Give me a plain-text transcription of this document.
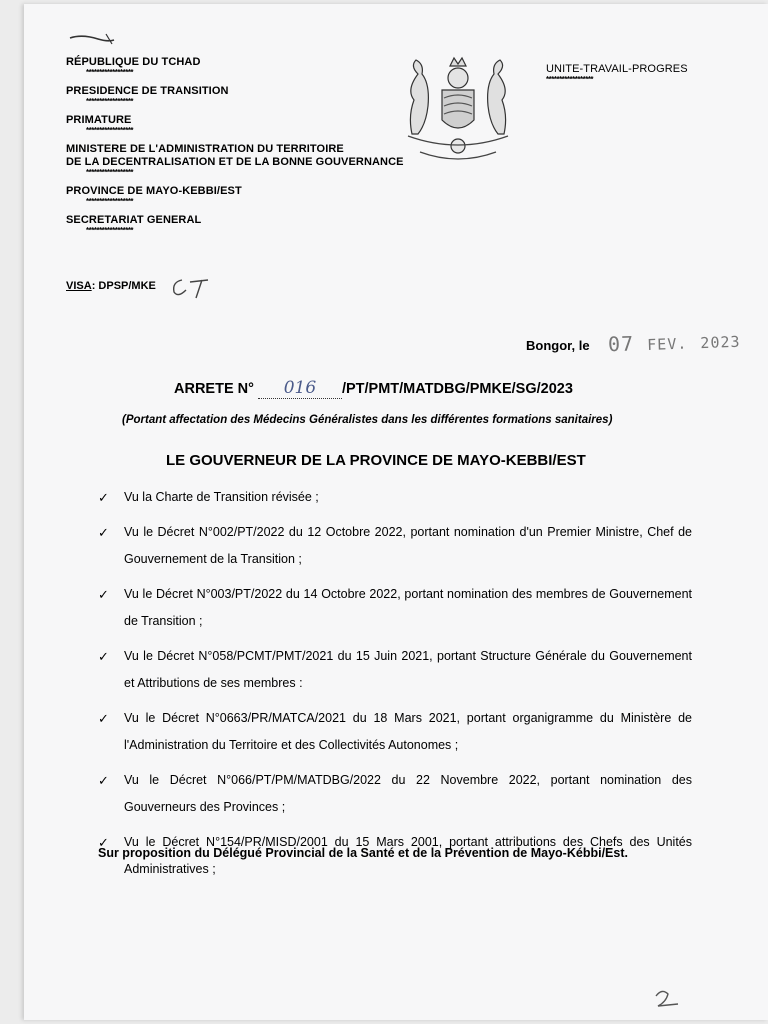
RÉPUBLIQUE DU TCHAD
******************
PRESIDENCE DE TRANSITION
******************
PRIMATURE
******************
MINISTERE DE L'ADMINISTRATION DU TERRITOIRE
DE LA DECENTRALISATION ET DE LA BONNE GOUVERNANCE
******************
PROVINCE DE MAYO-KEBBI/EST
******************
SECRETARIAT GENERAL
******************
VISA: DPSP/MKE
UNITE-TRAVAIL-PROGRES
******************
Bongor, le 07 FEV. 2023
ARRETE N° 016 /PT/PMT/MATDBG/PMKE/SG/2023
(Portant affectation des Médecins Généralistes dans les différentes formations sanitaires)
LE GOUVERNEUR DE LA PROVINCE DE MAYO-KEBBI/EST
✓ Vu la Charte de Transition révisée ;
✓ Vu le Décret N°002/PT/2022 du 12 Octobre 2022, portant nomination d'un Premier Ministre, Chef de Gouvernement de la Transition ;
✓ Vu le Décret N°003/PT/2022 du 14 Octobre 2022, portant nomination des membres de Gouvernement de Transition ;
✓ Vu le Décret N°058/PCMT/PMT/2021 du 15 Juin 2021, portant Structure Générale du Gouvernement et Attributions de ses membres :
✓ Vu le Décret N°0663/PR/MATCA/2021 du 18 Mars 2021, portant organigramme du Ministère de l'Administration du Territoire et des Collectivités Autonomes ;
✓ Vu le Décret N°066/PT/PM/MATDBG/2022 du 22 Novembre 2022, portant nomination des Gouverneurs des Provinces ;
✓ Vu le Décret N°154/PR/MISD/2001 du 15 Mars 2001, portant attributions des Chefs des Unités Administratives ;
Sur proposition du Délégué Provincial de la Santé et de la Prévention de Mayo-Kébbi/Est.
